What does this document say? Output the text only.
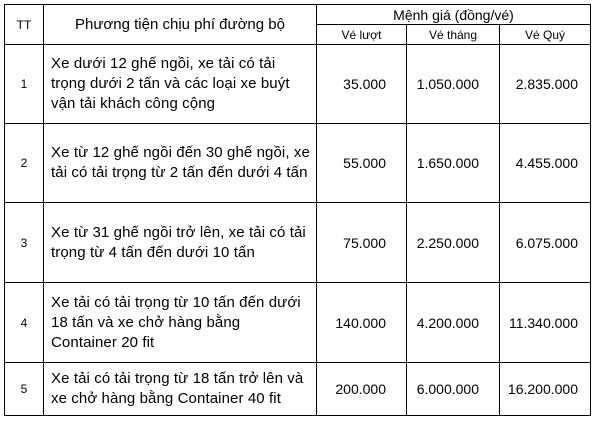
TT	Phương tiện chịu phí đường bộ	Mệnh giá (đồng/vé)		
		Vé lượt	Vé tháng	Vé Quý
1	Xe dưới 12 ghế ngồi, xe tải có tải trọng dưới 2 tấn và các loại xe buýt vận tải khách công cộng	35.000	1.050.000	2.835.000
2	Xe từ 12 ghế ngồi đến 30 ghế ngồi, xe tải có tải trọng từ 2 tấn đến dưới 4 tấn	55.000	1.650.000	4.455.000
3	Xe từ 31 ghế ngồi trở lên, xe tải có tải trọng từ 4 tấn đến dưới 10 tấn	75.000	2.250.000	6.075.000
4	Xe tải có tải trọng từ 10 tấn đến dưới 18 tấn và xe chở hàng bằng Container 20 fit	140.000	4.200.000	11.340.000
5	Xe tải có tải trọng từ 18 tấn trở lên và xe chở hàng bằng Container 40 fit	200.000	6.000.000	16.200.000
